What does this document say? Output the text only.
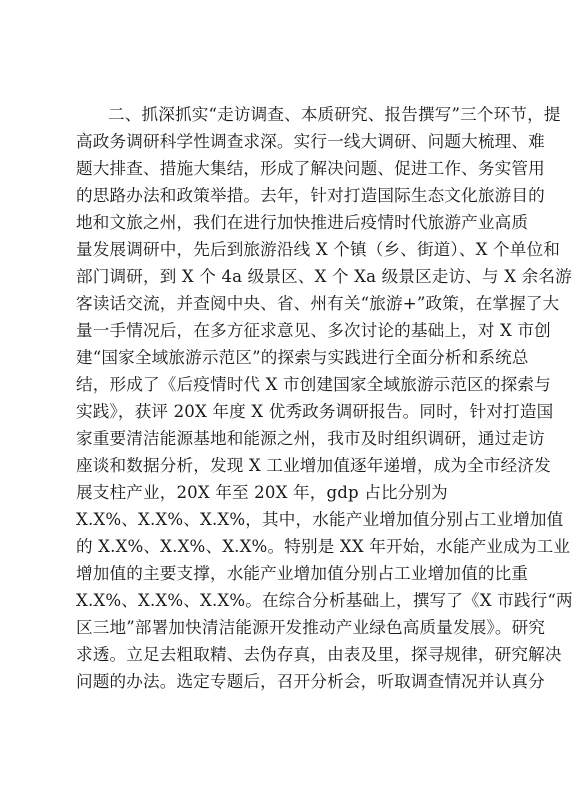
二、抓深抓实“走访调查、本质研究、报告撰写”三个环节，提
高政务调研科学性调查求深。实行一线大调研、问题大梳理、难
题大排查、措施大集结，形成了解决问题、促进工作、务实管用
的思路办法和政策举措。去年，针对打造国际生态文化旅游目的
地和文旅之州，我们在进行加快推进后疫情时代旅游产业高质
量发展调研中，先后到旅游沿线 X 个镇（乡、街道）、X 个单位和
部门调研，到 X 个 4a 级景区、X 个 Xa 级景区走访、与 X 余名游
客读话交流，并查阅中央、省、州有关“旅游+”政策，在掌握了大
量一手情况后，在多方征求意见、多次讨论的基础上，对 X 市创
建“国家全域旅游示范区”的探索与实践进行全面分析和系统总
结，形成了《后疫情时代 X 市创建国家全域旅游示范区的探索与
实践》，获评 20X 年度 X 优秀政务调研报告。同时，针对打造国
家重要清洁能源基地和能源之州，我市及时组织调研，通过走访
座谈和数据分析，发现 X 工业增加值逐年递增，成为全市经济发
展支柱产业，20X 年至 20X 年，gdp 占比分别为
X.X%、X.X%、X.X%，其中，水能产业增加值分别占工业增加值
的 X.X%、X.X%、X.X%。特别是 XX 年开始，水能产业成为工业
增加值的主要支撑，水能产业增加值分别占工业增加值的比重
X.X%、X.X%、X.X%。在综合分析基础上，撰写了《X 市践行“两
区三地”部署加快清洁能源开发推动产业绿色高质量发展》。研究
求透。立足去粗取精、去伪存真，由表及里，探寻规律，研究解决
问题的办法。选定专题后，召开分析会，听取调查情况并认真分
